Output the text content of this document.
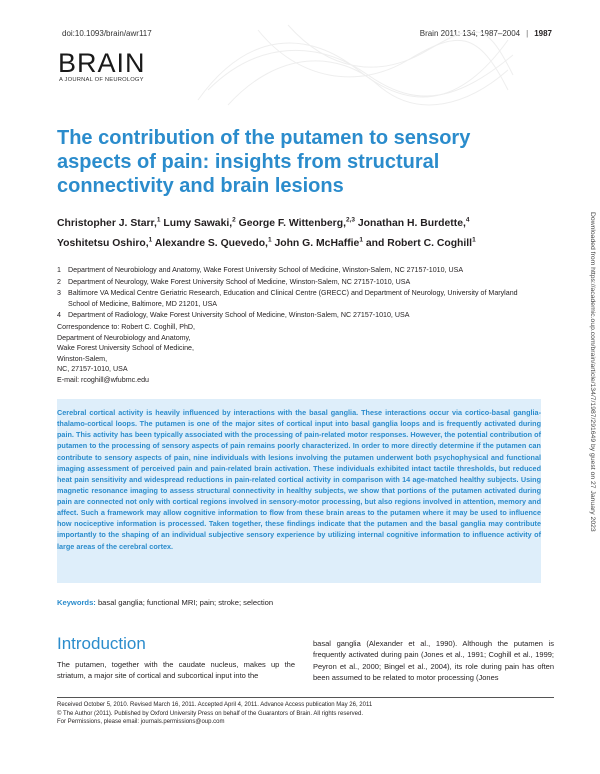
doi:10.1093/brain/awr117	Brain 2011: 134; 1987–2004 | 1987
BRAIN
A JOURNAL OF NEUROLOGY
The contribution of the putamen to sensory aspects of pain: insights from structural connectivity and brain lesions
Christopher J. Starr,$^1$ Lumy Sawaki,$^2$ George F. Wittenberg,$^{2,3}$ Jonathan H. Burdette,$^4$
Yoshitetsu Oshiro,$^1$ Alexandre S. Quevedo,$^1$ John G. McHaffie$^1$ and Robert C. Coghill$^1$
1 Department of Neurobiology and Anatomy, Wake Forest University School of Medicine, Winston-Salem, NC 27157-1010, USA
2 Department of Neurology, Wake Forest University School of Medicine, Winston-Salem, NC 27157-1010, USA
3 Baltimore VA Medical Centre Geriatric Research, Education and Clinical Centre (GRECC) and Department of Neurology, University of Maryland School of Medicine, Baltimore, MD 21201, USA
4 Department of Radiology, Wake Forest University School of Medicine, Winston-Salem, NC 27157-1010, USA
Correspondence to: Robert C. Coghill, PhD,
Department of Neurobiology and Anatomy,
Wake Forest University School of Medicine,
Winston-Salem,
NC, 27157-1010, USA
E-mail: rcoghill@wfubmc.edu

Cerebral cortical activity is heavily influenced by interactions with the basal ganglia. These interactions occur via cortico-basal ganglia-thalamo-cortical loops. The putamen is one of the major sites of cortical input into basal ganglia loops and is frequently activated during pain. This activity has been typically associated with the processing of pain-related motor responses. However, the potential contribution of putamen to the processing of sensory aspects of pain remains poorly characterized. In order to more directly determine if the putamen can contribute to sensory aspects of pain, nine individuals with lesions involving the putamen underwent both psychophysical and functional imaging assessment of perceived pain and pain-related brain activation. These individuals exhibited intact tactile thresholds, but reduced heat pain sensitivity and widespread reductions in pain-related cortical activity in comparison with 14 age-matched healthy subjects. Using magnetic resonance imaging to assess structural connectivity in healthy subjects, we show that portions of the putamen activated during pain are connected not only with cortical regions involved in sensory-motor processing, but also regions involved in attention, memory and affect. Such a framework may allow cognitive information to flow from these brain areas to the putamen where it may be used to influence how nociceptive information is processed. Taken together, these findings indicate that the putamen and the basal ganglia may contribute importantly to the shaping of an individual subjective sensory experience by utilizing internal cognitive information to influence activity of large areas of the cerebral cortex.

Keywords: basal ganglia; functional MRI; pain; stroke; selection
Introduction
The putamen, together with the caudate nucleus, makes up the striatum, a major site of cortical and subcortical input into the
basal ganglia (Alexander et al., 1990). Although the putamen is frequently activated during pain (Jones et al., 1991; Coghill et al., 1999; Peyron et al., 2000; Bingel et al., 2004), its role during pain has often been assumed to be related to motor processing (Jones
Received October 5, 2010. Revised March 16, 2011. Accepted April 4, 2011. Advance Access publication May 26, 2011
© The Author (2011). Published by Oxford University Press on behalf of the Guarantors of Brain. All rights reserved.
For Permissions, please email: journals.permissions@oup.com
Downloaded from https://academic.oup.com/brain/article/134/7/1987/291649 by guest on 27 January 2023
